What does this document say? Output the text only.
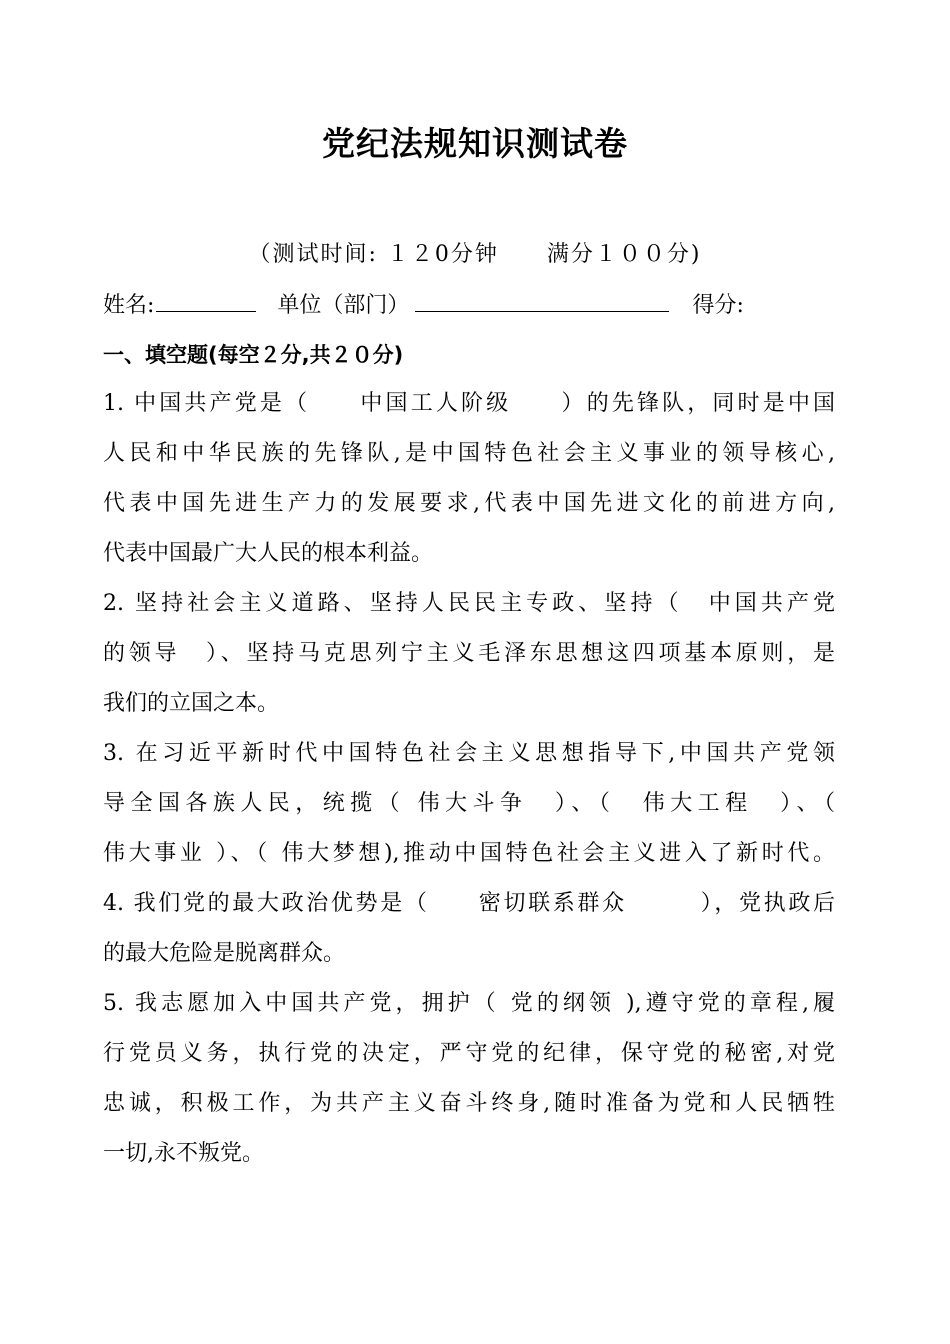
党纪法规知识测试卷
（测试时间: １２0分钟　　满分１００分)
姓名:	单位（部门）	得分:
一、填空题(每空２分,共２０分)
1. 中国共产党是（　　中国工人阶级　　）的先锋队，同时是中国
人民和中华民族的先锋队,是中国特色社会主义事业的领导核心,
代表中国先进生产力的发展要求,代表中国先进文化的前进方向,
代表中国最广大人民的根本利益。
2. 坚持社会主义道路、坚持人民民主专政、坚持（　中国共产党
的领导　）、坚持马克思列宁主义毛泽东思想这四项基本原则，是
我们的立国之本。
3. 在习近平新时代中国特色社会主义思想指导下,中国共产党领
导全国各族人民，统揽（ 伟大斗争　）、（　伟大工程　）、（
伟大事业 ）、（ 伟大梦想),推动中国特色社会主义进入了新时代。
4. 我们党的最大政治优势是（　　密切联系群众　　　），党执政后
的最大危险是脱离群众。
5. 我志愿加入中国共产党，拥护（ 党的纲领 ),遵守党的章程,履
行党员义务，执行党的决定，严守党的纪律，保守党的秘密,对党
忠诚，积极工作，为共产主义奋斗终身,随时准备为党和人民牺牲
一切,永不叛党。
